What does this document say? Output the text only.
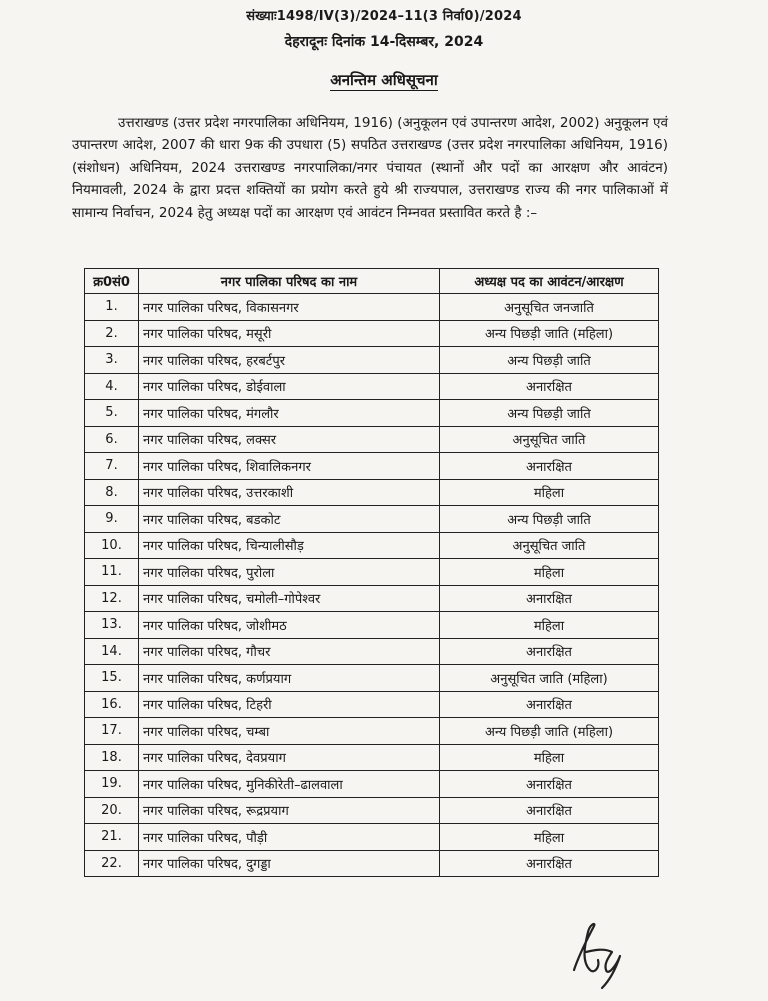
संख्याः1498/IV(3)/2024–11(3 निर्वा0)/2024
देहरादूनः दिनांक 14-दिसम्बर, 2024
अनन्तिम अधिसूचना
उत्तराखण्ड (उत्तर प्रदेश नगरपालिका अधिनियम, 1916) (अनुकूलन एवं उपान्तरण आदेश, 2002) अनुकूलन एवं उपान्तरण आदेश, 2007 की धारा 9क की उपधारा (5) सपठित उत्तराखण्ड (उत्तर प्रदेश नगरपालिका अधिनियम, 1916) (संशोधन) अधिनियम, 2024 उत्तराखण्ड नगरपालिका/नगर पंचायत (स्थानों और पदों का आरक्षण और आवंटन) नियमावली, 2024 के द्वारा प्रदत्त शक्तियों का प्रयोग करते हुये श्री राज्यपाल, उत्तराखण्ड राज्य की नगर पालिकाओं में सामान्य निर्वाचन, 2024 हेतु अध्यक्ष पदों का आरक्षण एवं आवंटन निम्नवत प्रस्तावित करते है :–
क्र0सं0	नगर पालिका परिषद का नाम	अध्यक्ष पद का आवंटन/आरक्षण
1.	नगर पालिका परिषद, विकासनगर	अनुसूचित जनजाति
2.	नगर पालिका परिषद, मसूरी	अन्य पिछड़ी जाति (महिला)
3.	नगर पालिका परिषद, हरबर्टपुर	अन्य पिछड़ी जाति
4.	नगर पालिका परिषद, डोईवाला	अनारक्षित
5.	नगर पालिका परिषद, मंगलौर	अन्य पिछड़ी जाति
6.	नगर पालिका परिषद, लक्सर	अनुसूचित जाति
7.	नगर पालिका परिषद, शिवालिकनगर	अनारक्षित
8.	नगर पालिका परिषद, उत्तरकाशी	महिला
9.	नगर पालिका परिषद, बडकोट	अन्य पिछड़ी जाति
10.	नगर पालिका परिषद, चिन्यालीसौड़	अनुसूचित जाति
11.	नगर पालिका परिषद, पुरोला	महिला
12.	नगर पालिका परिषद, चमोली–गोपेश्वर	अनारक्षित
13.	नगर पालिका परिषद, जोशीमठ	महिला
14.	नगर पालिका परिषद, गौचर	अनारक्षित
15.	नगर पालिका परिषद, कर्णप्रयाग	अनुसूचित जाति (महिला)
16.	नगर पालिका परिषद, टिहरी	अनारक्षित
17.	नगर पालिका परिषद, चम्बा	अन्य पिछड़ी जाति (महिला)
18.	नगर पालिका परिषद, देवप्रयाग	महिला
19.	नगर पालिका परिषद, मुनिकीरेती–ढालवाला	अनारक्षित
20.	नगर पालिका परिषद, रूद्रप्रयाग	अनारक्षित
21.	नगर पालिका परिषद, पौड़ी	महिला
22.	नगर पालिका परिषद, दुगड्डा	अनारक्षित
